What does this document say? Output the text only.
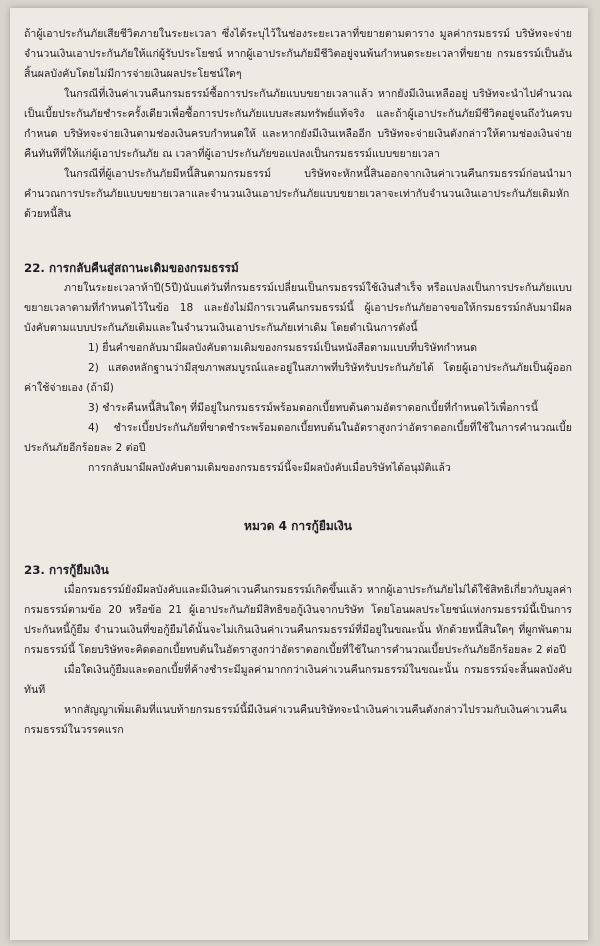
ถ้าผู้เอาประกันภัยเสียชีวิตภายในระยะเวลา ซึ่งได้ระบุไว้ในช่องระยะเวลาที่ขยายตามตาราง มูลค่ากรมธรรม์ บริษัทจะจ่ายจำนวนเงินเอาประกันภัยให้แก่ผู้รับประโยชน์ หากผู้เอาประกันภัยมีชีวิตอยู่จนพ้นกำหนดระยะเวลาที่ขยาย กรมธรรม์เป็นอันสิ้นผลบังคับโดยไม่มีการจ่ายเงินผลประโยชน์ใดๆ

ในกรณีที่เงินค่าเวนคืนกรมธรรม์ซื้อการประกันภัยแบบขยายเวลาแล้ว หากยังมีเงินเหลืออยู่ บริษัทจะนำไปคำนวณเป็นเบี้ยประกันภัยชำระครั้งเดียวเพื่อซื้อการประกันภัยแบบสะสมทรัพย์แท้จริง และถ้าผู้เอาประกันภัยมีชีวิตอยู่จนถึงวันครบกำหนด บริษัทจะจ่ายเงินตามช่องเงินครบกำหนดให้ และหากยังมีเงินเหลืออีก บริษัทจะจ่ายเงินดังกล่าวให้ตามช่องเงินจ่ายคืนทันทีที่ให้แก่ผู้เอาประกันภัย ณ เวลาที่ผู้เอาประกันภัยขอแปลงเป็นกรมธรรม์แบบขยายเวลา

ในกรณีที่ผู้เอาประกันภัยมีหนี้สินตามกรมธรรม์ บริษัทจะหักหนี้สินออกจากเงินค่าเวนคืนกรมธรรม์ก่อนนำมาคำนวณการประกันภัยแบบขยายเวลาและจำนวนเงินเอาประกันภัยแบบขยายเวลาจะเท่ากับจำนวนเงินเอาประกันภัยเดิมหักด้วยหนี้สิน

22. การกลับคืนสู่สถานะเดิมของกรมธรรม์

ภายในระยะเวลาห้าปี(5ปี)นับแต่วันที่กรมธรรม์เปลี่ยนเป็นกรมธรรม์ใช้เงินสำเร็จ หรือแปลงเป็นการประกันภัยแบบขยายเวลาตามที่กำหนดไว้ในข้อ 18 และยังไม่มีการเวนคืนกรมธรรม์นี้ ผู้เอาประกันภัยอาจขอให้กรมธรรม์กลับมามีผลบังคับตามแบบประกันภัยเดิมและในจำนวนเงินเอาประกันภัยเท่าเดิม โดยดำเนินการดังนี้

1) ยื่นคำขอกลับมามีผลบังคับตามเดิมของกรมธรรม์เป็นหนังสือตามแบบที่บริษัทกำหนด

2) แสดงหลักฐานว่ามีสุขภาพสมบูรณ์และอยู่ในสภาพที่บริษัทรับประกันภัยได้ โดยผู้เอาประกันภัยเป็นผู้ออกค่าใช้จ่ายเอง (ถ้ามี)

3) ชำระคืนหนี้สินใดๆ ที่มีอยู่ในกรมธรรม์พร้อมดอกเบี้ยทบต้นตามอัตราดอกเบี้ยที่กำหนดไว้เพื่อการนี้

4) ชำระเบี้ยประกันภัยที่ขาดชำระพร้อมดอกเบี้ยทบต้นในอัตราสูงกว่าอัตราดอกเบี้ยที่ใช้ในการคำนวณเบี้ยประกันภัยอีกร้อยละ 2 ต่อปี

การกลับมามีผลบังคับตามเดิมของกรมธรรม์นี้จะมีผลบังคับเมื่อบริษัทได้อนุมัติแล้ว

หมวด 4 การกู้ยืมเงิน

23. การกู้ยืมเงิน

เมื่อกรมธรรม์ยังมีผลบังคับและมีเงินค่าเวนคืนกรมธรรม์เกิดขึ้นแล้ว หากผู้เอาประกันภัยไม่ได้ใช้สิทธิเกี่ยวกับมูลค่ากรมธรรม์ตามข้อ 20 หรือข้อ 21 ผู้เอาประกันภัยมีสิทธิขอกู้เงินจากบริษัท โดยโอนผลประโยชน์แห่งกรมธรรม์นี้เป็นการประกันหนี้กู้ยืม จำนวนเงินที่ขอกู้ยืมได้นั้นจะไม่เกินเงินค่าเวนคืนกรมธรรม์ที่มีอยู่ในขณะนั้น หักด้วยหนี้สินใดๆ ที่ผูกพันตามกรมธรรม์นี้ โดยบริษัทจะคิดดอกเบี้ยทบต้นในอัตราสูงกว่าอัตราดอกเบี้ยที่ใช้ในการคำนวณเบี้ยประกันภัยอีกร้อยละ 2 ต่อปี

เมื่อใดเงินกู้ยืมและดอกเบี้ยที่ค้างชำระมีมูลค่ามากกว่าเงินค่าเวนคืนกรมธรรม์ในขณะนั้น กรมธรรม์จะสิ้นผลบังคับทันที

หากสัญญาเพิ่มเติมที่แนบท้ายกรมธรรม์นี้มีเงินค่าเวนคืนบริษัทจะนำเงินค่าเวนคืนดังกล่าวไปรวมกับเงินค่าเวนคืนกรมธรรม์ในวรรคแรก
